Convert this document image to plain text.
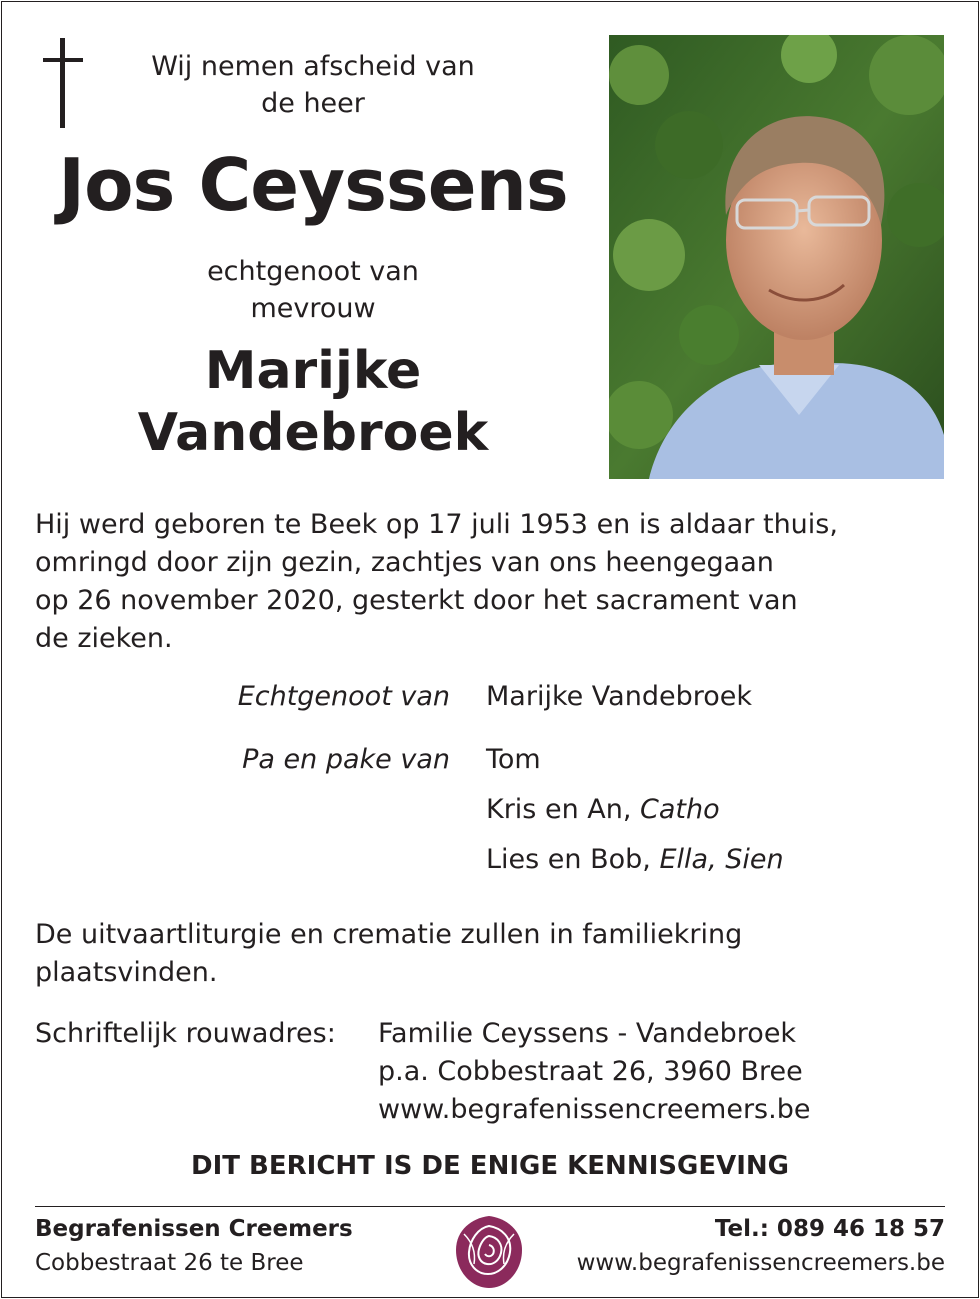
Wij nemen afscheid van
de heer
Jos Ceyssens
echtgenoot van
mevrouw
Marijke
Vandebroek
Hij werd geboren te Beek op 17 juli 1953 en is aldaar thuis,
omringd door zijn gezin, zachtjes van ons heengegaan
op 26 november 2020, gesterkt door het sacrament van
de zieken.
Echtgenoot van Marijke Vandebroek
Pa en pake van Tom
Kris en An, Catho
Lies en Bob, Ella, Sien
De uitvaartliturgie en crematie zullen in familiekring
plaatsvinden.
Schriftelijk rouwadres:	Familie Ceyssens - Vandebroek
p.a. Cobbestraat 26, 3960 Bree
www.begrafenissencreemers.be
DIT BERICHT IS DE ENIGE KENNISGEVING
Begrafenissen Creemers
Cobbestraat 26 te Bree
Tel.: 089 46 18 57
www.begrafenissencreemers.be
